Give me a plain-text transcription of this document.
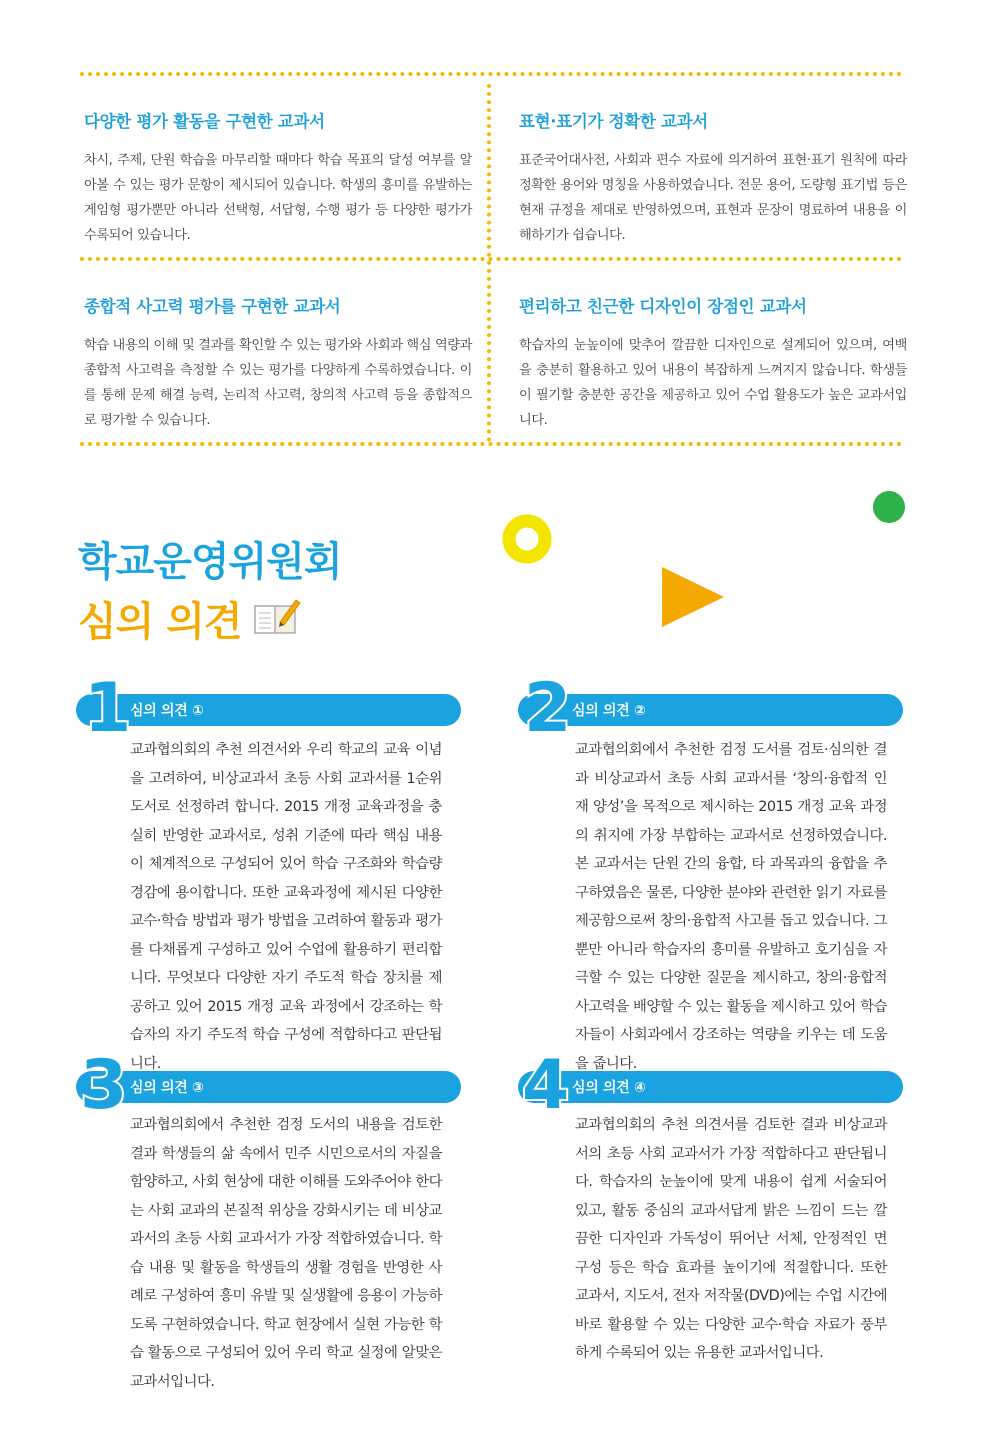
다양한 평가 활동을 구현한 교과서

차시, 주제, 단원 학습을 마무리할 때마다 학습 목표의 달성 여부를 알아볼 수 있는 평가 문항이 제시되어 있습니다. 학생의 흥미를 유발하는 게임형 평가뿐만 아니라 선택형, 서답형, 수행 평가 등 다양한 평가가 수록되어 있습니다.

표현·표기가 정확한 교과서

표준국어대사전, 사회과 편수 자료에 의거하여 표현·표기 원칙에 따라 정확한 용어와 명칭을 사용하였습니다. 전문 용어, 도량형 표기법 등은 현재 규정을 제대로 반영하였으며, 표현과 문장이 명료하여 내용을 이해하기가 쉽습니다.

종합적 사고력 평가를 구현한 교과서

학습 내용의 이해 및 결과를 확인할 수 있는 평가와 사회과 핵심 역량과 종합적 사고력을 측정할 수 있는 평가를 다양하게 수록하였습니다. 이를 통해 문제 해결 능력, 논리적 사고력, 창의적 사고력 등을 종합적으로 평가할 수 있습니다.

편리하고 친근한 디자인이 장점인 교과서

학습자의 눈높이에 맞추어 깔끔한 디자인으로 설계되어 있으며, 여백을 충분히 활용하고 있어 내용이 복잡하게 느껴지지 않습니다. 학생들이 필기할 충분한 공간을 제공하고 있어 수업 활용도가 높은 교과서입니다.

학교운영위원회
심의 의견
심의 의견 ①
1

교과협의회의 추천 의견서와 우리 학교의 교육 이념을 고려하여, 비상교과서 초등 사회 교과서를 1순위 도서로 선정하려 합니다. 2015 개정 교육과정을 충실히 반영한 교과서로, 성취 기준에 따라 핵심 내용이 체계적으로 구성되어 있어 학습 구조화와 학습량 경감에 용이합니다. 또한 교육과정에 제시된 다양한 교수·학습 방법과 평가 방법을 고려하여 활동과 평가를 다채롭게 구성하고 있어 수업에 활용하기 편리합니다. 무엇보다 다양한 자기 주도적 학습 장치를 제공하고 있어 2015 개정 교육 과정에서 강조하는 학습자의 자기 주도적 학습 구성에 적합하다고 판단됩니다.

심의 의견 ②
2

교과협의회에서 추천한 검정 도서를 검토·심의한 결과 비상교과서 초등 사회 교과서를 ‘창의·융합적 인재 양성’을 목적으로 제시하는 2015 개정 교육 과정의 취지에 가장 부합하는 교과서로 선정하였습니다. 본 교과서는 단원 간의 융합, 타 과목과의 융합을 추구하였음은 물론, 다양한 분야와 관련한 읽기 자료를 제공함으로써 창의·융합적 사고를 돕고 있습니다. 그뿐만 아니라 학습자의 흥미를 유발하고 호기심을 자극할 수 있는 다양한 질문을 제시하고, 창의·융합적 사고력을 배양할 수 있는 활동을 제시하고 있어 학습자들이 사회과에서 강조하는 역량을 키우는 데 도움을 줍니다.

심의 의견 ③
3 교과협의회에서 추천한 검정 도서의 내용을 검토한 결과 학생들의 삶 속에서 민주 시민으로서의 자질을 함양하고, 사회 현상에 대한 이해를 도와주어야 한다는 사회 교과의 본질적 위상을 강화시키는 데 비상교과서의 초등 사회 교과서가 가장 적합하였습니다. 학습 내용 및 활동을 학생들의 생활 경험을 반영한 사례로 구성하여 흥미 유발 및 실생활에 응용이 가능하도록 구현하였습니다. 학교 현장에서 실현 가능한 학습 활동으로 구성되어 있어 우리 학교 실정에 알맞은 교과서입니다.

심의 의견 ④
4 교과협의회의 추천 의견서를 검토한 결과 비상교과서의 초등 사회 교과서가 가장 적합하다고 판단됩니다. 학습자의 눈높이에 맞게 내용이 쉽게 서술되어 있고, 활동 중심의 교과서답게 밝은 느낌이 드는 깔끔한 디자인과 가독성이 뛰어난 서체, 안정적인 면 구성 등은 학습 효과를 높이기에 적절합니다. 또한 교과서, 지도서, 전자 저작물(DVD)에는 수업 시간에 바로 활용할 수 있는 다양한 교수·학습 자료가 풍부하게 수록되어 있는 유용한 교과서입니다.
